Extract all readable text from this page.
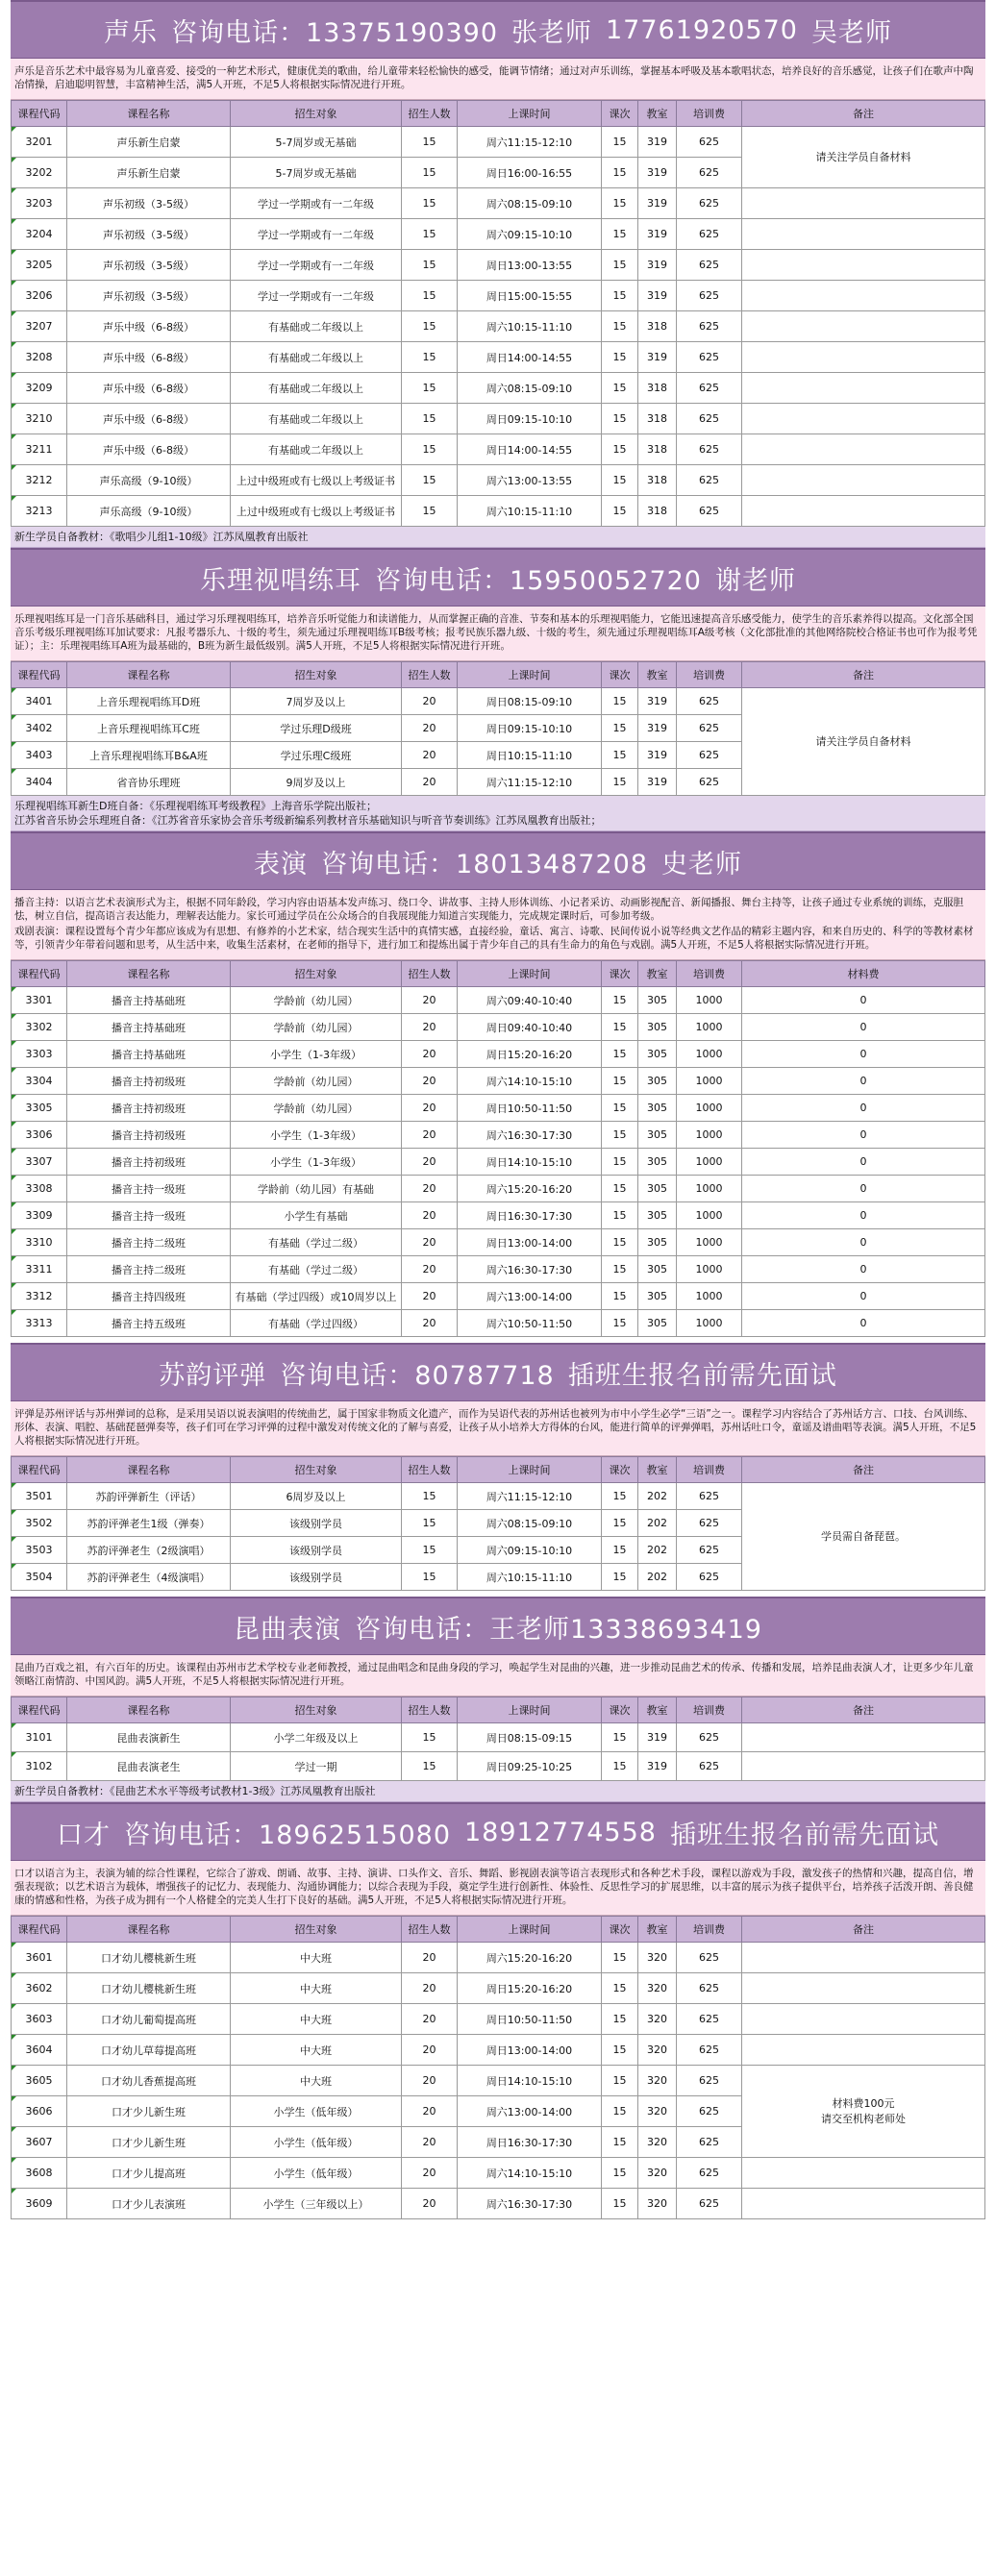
声乐 咨询电话：13375190390 张老师 17761920570 吴老师

声乐是音乐艺术中最容易为儿童喜爱、接受的一种艺术形式，健康优美的歌曲，给儿童带来轻松愉快的感受，能调节情绪；通过对声乐训练，掌握基本呼吸及基本歌唱状态，培养良好的音乐感觉，让孩子们在歌声中陶冶情操，启迪聪明智慧，丰富精神生活，满5人开班，不足5人将根据实际情况进行开班。

课程代码	课程名称	招生对象	招生人数	上课时间	课次	教室	培训费	备注

3201	声乐新生启蒙	5-7周岁或无基础	15	周六11:15-12:10	15	319	625	请关注学员自备材料

3202	声乐新生启蒙	5-7周岁或无基础	15	周日16:00-16:55	15	319	625	

3203	声乐初级（3-5级）	学过一学期或有一二年级	15	周六08:15-09:10	15	319	625	

3204	声乐初级（3-5级）	学过一学期或有一二年级	15	周六09:15-10:10	15	319	625	

3205	声乐初级（3-5级）	学过一学期或有一二年级	15	周日13:00-13:55	15	319	625	

3206	声乐初级（3-5级）	学过一学期或有一二年级	15	周日15:00-15:55	15	319	625	

3207	声乐中级（6-8级）	有基础或二年级以上	15	周六10:15-11:10	15	318	625	

3208	声乐中级（6-8级）	有基础或二年级以上	15	周日14:00-14:55	15	319	625	

3209	声乐中级（6-8级）	有基础或二年级以上	15	周六08:15-09:10	15	318	625	

3210	声乐中级（6-8级）	有基础或二年级以上	15	周日09:15-10:10	15	318	625	

3211	声乐中级（6-8级）	有基础或二年级以上	15	周日14:00-14:55	15	318	625	

3212	声乐高级（9-10级）	上过中级班或有七级以上考级证书	15	周六13:00-13:55	15	318	625	

3213	声乐高级（9-10级）	上过中级班或有七级以上考级证书	15	周六10:15-11:10	15	318	625	
新生学员自备教材：《歌唱少儿组1-10级》江苏凤凰教育出版社
乐理视唱练耳 咨询电话：15950052720 谢老师

乐理视唱练耳是一门音乐基础科目，通过学习乐理视唱练耳，培养音乐听觉能力和读谱能力，从而掌握正确的音准、节奏和基本的乐理视唱能力，它能迅速提高音乐感受能力，使学生的音乐素养得以提高。文化部全国音乐考级乐理视唱练耳加试要求：凡报考器乐九、十级的考生，须先通过乐理视唱练耳B级考核；报考民族乐器九级、十级的考生，须先通过乐理视唱练耳A级考核（文化部批准的其他网络院校合格证书也可作为报考凭证）；主：乐理视唱练耳A班为最基础的，B班为新生最低级别。满5人开班，不足5人将根据实际情况进行开班。

课程代码	课程名称	招生对象	招生人数	上课时间	课次	教室	培训费	备注

3401	上音乐理视唱练耳D班	7周岁及以上	20	周日08:15-09:10	15	319	625	请关注学员自备材料

3402	上音乐理视唱练耳C班	学过乐理D级班	20	周日09:15-10:10	15	319	625	

3403	上音乐理视唱练耳B&A班	学过乐理C级班	20	周日10:15-11:10	15	319	625	

3404	省音协乐理班	9周岁及以上	20	周六11:15-12:10	15	319	625	
乐理视唱练耳新生D班自备：《乐理视唱练耳考级教程》上海音乐学院出版社；
江苏省音乐协会乐理班自备：《江苏省音乐家协会音乐考级新编系列教材音乐基础知识与听音节奏训练》江苏凤凰教育出版社；
表演 咨询电话：18013487208 史老师

播音主持：以语言艺术表演形式为主，根据不同年龄段，学习内容由语基本发声练习、绕口令、讲故事、主持人形体训练、小记者采访、动画影视配音、新闻播报、舞台主持等，让孩子通过专业系统的训练，克服胆怯，树立自信，提高语言表达能力，理解表达能力。家长可通过学员在公众场合的自我展现能力知道言实现能力，完成规定课时后，可参加考级。

戏剧表演：课程设置每个青少年都应该成为有思想、有修养的小艺术家，结合现实生活中的真情实感，直接经验，童话、寓言、诗歌、民间传说小说等经典文艺作品的精彩主题内容，和来自历史的、科学的等教材素材等，引领青少年带着问题和思考，从生活中来，收集生活素材，在老师的指导下，进行加工和提炼出属于青少年自己的具有生命力的角色与戏剧。满5人开班，不足5人将根据实际情况进行开班。

课程代码	课程名称	招生对象	招生人数	上课时间	课次	教室	培训费	材料费

3301	播音主持基础班	学龄前（幼儿园）	20	周六09:40-10:40	15	305	1000	0

3302	播音主持基础班	学龄前（幼儿园）	20	周日09:40-10:40	15	305	1000	0

3303	播音主持基础班	小学生（1-3年级）	20	周日15:20-16:20	15	305	1000	0

3304	播音主持初级班	学龄前（幼儿园）	20	周六14:10-15:10	15	305	1000	0

3305	播音主持初级班	学龄前（幼儿园）	20	周日10:50-11:50	15	305	1000	0

3306	播音主持初级班	小学生（1-3年级）	20	周六16:30-17:30	15	305	1000	0

3307	播音主持初级班	小学生（1-3年级）	20	周日14:10-15:10	15	305	1000	0

3308	播音主持一级班	学龄前（幼儿园）有基础	20	周六15:20-16:20	15	305	1000	0

3309	播音主持一级班	小学生有基础	20	周日16:30-17:30	15	305	1000	0

3310	播音主持二级班	有基础（学过二级）	20	周日13:00-14:00	15	305	1000	0

3311	播音主持二级班	有基础（学过二级）	20	周六16:30-17:30	15	305	1000	0

3312	播音主持四级班	有基础（学过四级）或10周岁以上	20	周六13:00-14:00	15	305	1000	0

3313	播音主持五级班	有基础（学过四级）	20	周六10:50-11:50	15	305	1000	0
苏韵评弹 咨询电话：80787718 插班生报名前需先面试

评弹是苏州评话与苏州弹词的总称，是采用吴语以说表演唱的传统曲艺，属于国家非物质文化遗产，而作为吴语代表的苏州话也被列为市中小学生必学“三语”之一。课程学习内容结合了苏州话方言、口技、台风训练、形体、表演、唱腔、基础琵琶弹奏等，孩子们可在学习评弹的过程中激发对传统文化的了解与喜爱，让孩子从小培养大方得体的台风，能进行简单的评弹弹唱，苏州话吐口令，童谣及谱曲唱等表演。满5人开班，不足5人将根据实际情况进行开班。

课程代码	课程名称	招生对象	招生人数	上课时间	课次	教室	培训费	备注

3501	苏韵评弹新生（评话）	6周岁及以上	15	周六11:15-12:10	15	202	625	学员需自备琵琶。

3502	苏韵评弹老生1级（弹奏）	该级别学员	15	周六08:15-09:10	15	202	625	

3503	苏韵评弹老生（2级演唱）	该级别学员	15	周六09:15-10:10	15	202	625	

3504	苏韵评弹老生（4级演唱）	该级别学员	15	周六10:15-11:10	15	202	625	
昆曲表演 咨询电话：王老师13338693419

昆曲乃百戏之祖，有六百年的历史。该课程由苏州市艺术学校专业老师教授，通过昆曲唱念和昆曲身段的学习，唤起学生对昆曲的兴趣，进一步推动昆曲艺术的传承、传播和发展，培养昆曲表演人才，让更多少年儿童领略江南情韵、中国风韵。满5人开班，不足5人将根据实际情况进行开班。

课程代码	课程名称	招生对象	招生人数	上课时间	课次	教室	培训费	备注

3101	昆曲表演新生	小学二年级及以上	15	周日08:15-09:15	15	319	625	

3102	昆曲表演老生	学过一期	15	周日09:25-10:25	15	319	625	
新生学员自备教材：《昆曲艺术水平等级考试教材1-3级》江苏凤凰教育出版社
口才 咨询电话：18962515080 18912774558 插班生报名前需先面试

口才以语言为主，表演为辅的综合性课程，它综合了游戏、朗诵、故事、主持、演讲、口头作文、音乐、舞蹈、影视剧表演等语言表现形式和各种艺术手段，课程以游戏为手段，激发孩子的热情和兴趣，提高自信，增强表现欲；以艺术语言为载体，增强孩子的记忆力、表现能力、沟通协调能力；以综合表现为手段，奠定学生进行创新性、体验性、反思性学习的扩展思维，以丰富的展示为孩子提供平台，培养孩子活泼开朗、善良健康的情感和性格，为孩子成为拥有一个人格健全的完美人生打下良好的基础。满5人开班，不足5人将根据实际情况进行开班。

课程代码	课程名称	招生对象	招生人数	上课时间	课次	教室	培训费	备注

3601	口才幼儿樱桃新生班	中大班	20	周六15:20-16:20	15	320	625	

3602	口才幼儿樱桃新生班	中大班	20	周日15:20-16:20	15	320	625	

3603	口才幼儿葡萄提高班	中大班	20	周日10:50-11:50	15	320	625	

3604	口才幼儿草莓提高班	中大班	20	周日13:00-14:00	15	320	625	

3605	口才幼儿香蕉提高班	中大班	20	周日14:10-15:10	15	320	625	材料费100元
请交至机构老师处

3606	口才少儿新生班	小学生（低年级）	20	周六13:00-14:00	15	320	625	

3607	口才少儿新生班	小学生（低年级）	20	周日16:30-17:30	15	320	625	

3608	口才少儿提高班	小学生（低年级）	20	周六14:10-15:10	15	320	625	

3609	口才少儿表演班	小学生（三年级以上）	20	周六16:30-17:30	15	320	625	
